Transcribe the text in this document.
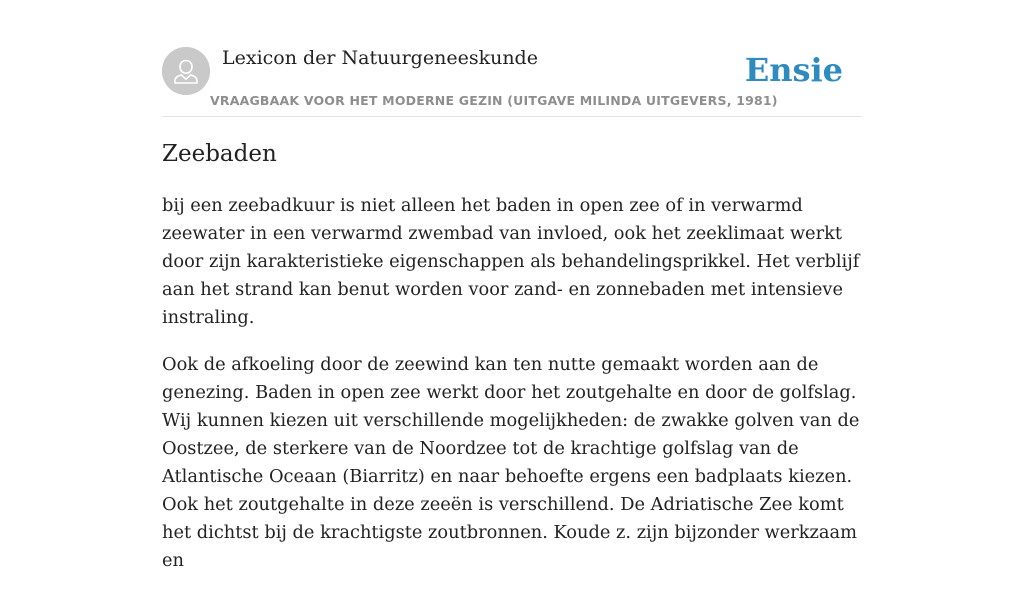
Lexicon der Natuurgeneeskunde
VRAAGBAAK VOOR HET MODERNE GEZIN (UITGAVE MILINDA UITGEVERS, 1981)
Ensie
Zeebaden

bij een zeebadkuur is niet alleen het baden in open zee of in verwarmd zeewater in een verwarmd zwembad van invloed, ook het zeeklimaat werkt door zijn karakteristieke eigenschappen als behandelingsprikkel. Het verblijf aan het strand kan benut worden voor zand- en zonnebaden met intensieve instraling.

Ook de afkoeling door de zeewind kan ten nutte gemaakt worden aan de genezing. Baden in open zee werkt door het zoutgehalte en door de golfslag. Wij kunnen kiezen uit verschillende mogelijkheden: de zwakke golven van de Oostzee, de sterkere van de Noordzee tot de krachtige golfslag van de Atlantische Oceaan (Biarritz) en naar behoefte ergens een badplaats kiezen. Ook het zoutgehalte in deze zeeën is verschillend. De Adriatische Zee komt het dichtst bij de krachtigste zoutbronnen. Koude z. zijn bijzonder werkzaam en
